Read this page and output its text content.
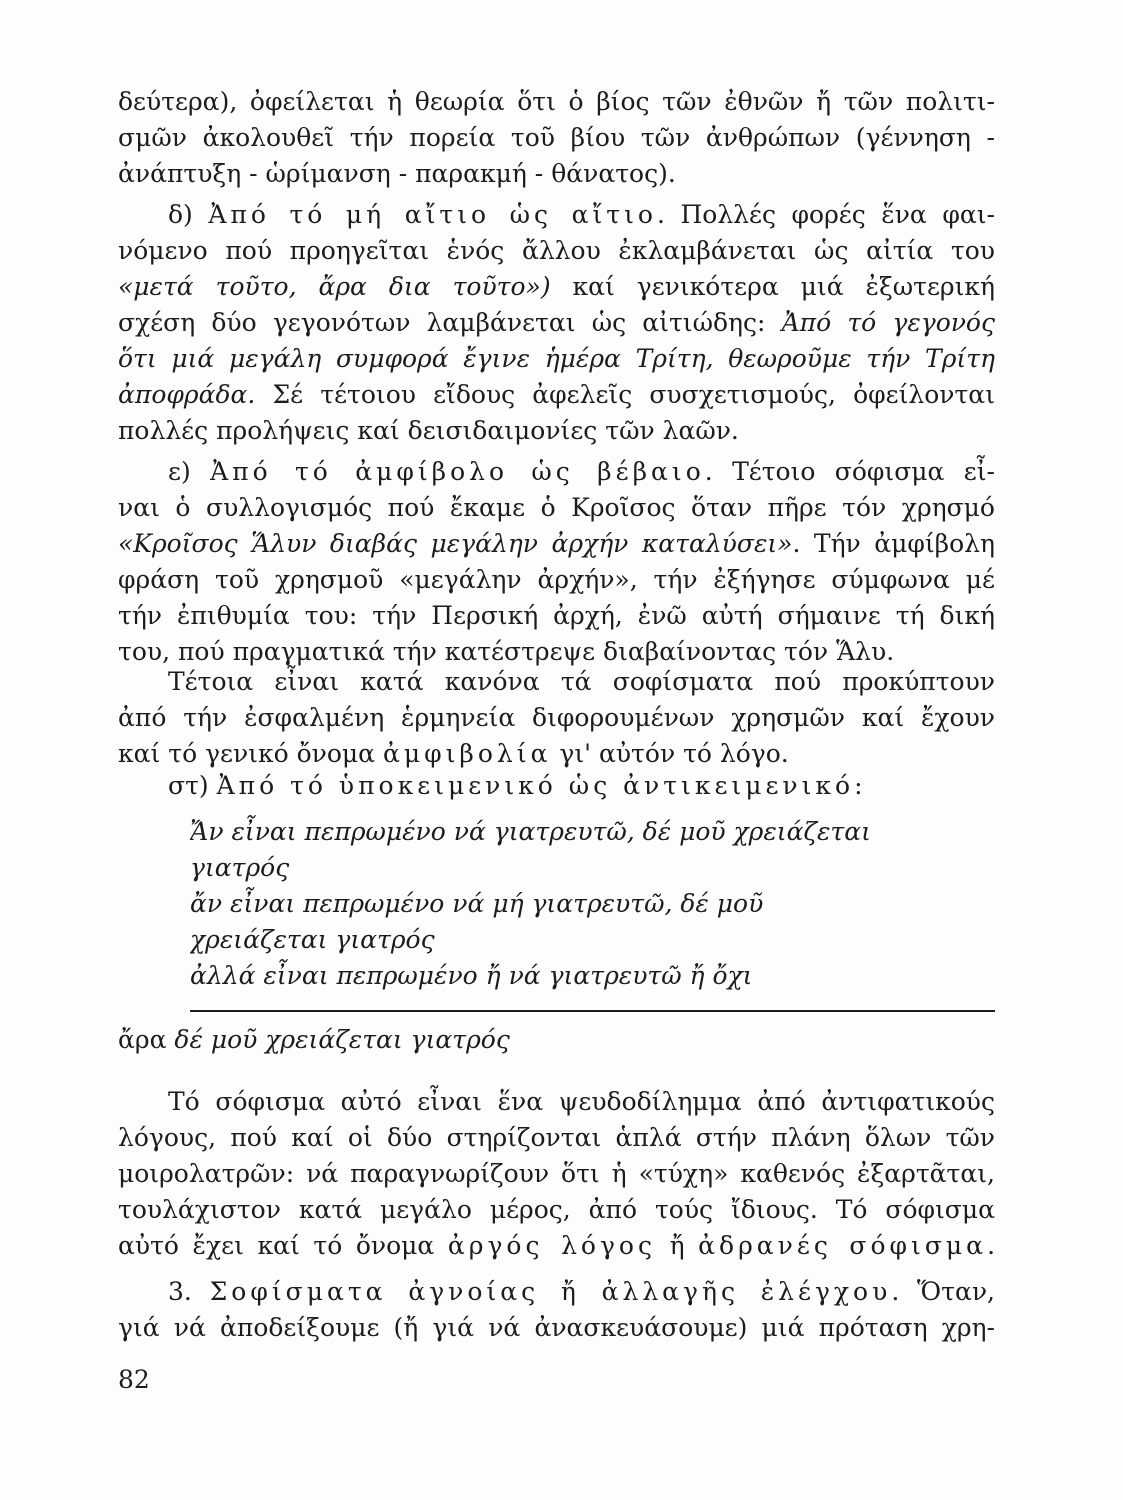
δεύτερα), ὀφείλεται ἡ θεωρία ὅτι ὁ βίος τῶν ἐθνῶν ἤ τῶν πολιτι-
σμῶν ἀκολουθεῖ τήν πορεία τοῦ βίου τῶν ἀνθρώπων (γέννηση -
ἀνάπτυξη - ὡρίμανση - παρακμή - θάνατος).
δ) Ἀπό τό μή αἴτιο ὡς αἴτιο. Πολλές φορές ἕνα φαι-
νόμενο πού προηγεῖται ἑνός ἄλλου ἐκλαμβάνεται ὡς αἰτία του
«μετά τοῦτο, ἄρα δια τοῦτο») καί γενικότερα μιά ἐξωτερική
σχέση δύο γεγονότων λαμβάνεται ὡς αἰτιώδης: Ἀπό τό γεγονός
ὅτι μιά μεγάλη συμφορά ἔγινε ἡμέρα Τρίτη, θεωροῦμε τήν Τρίτη
ἀποφράδα. Σέ τέτοιου εἴδους ἀφελεῖς συσχετισμούς, ὀφείλονται
πολλές προλήψεις καί δεισιδαιμονίες τῶν λαῶν.
ε) Ἀπό τό ἀμφίβολο ὡς βέβαιο. Τέτοιο σόφισμα εἶ-
ναι ὁ συλλογισμός πού ἔκαμε ὁ Κροῖσος ὅταν πῆρε τόν χρησμό
«Κροῖσος Ἅλυν διαβάς μεγάλην ἀρχήν καταλύσει». Τήν ἀμφίβολη
φράση τοῦ χρησμοῦ «μεγάλην ἀρχήν», τήν ἐξήγησε σύμφωνα μέ
τήν ἐπιθυμία του: τήν Περσική ἀρχή, ἐνῶ αὐτή σήμαινε τή δική
του, πού πραγματικά τήν κατέστρεψε διαβαίνοντας τόν Ἅλυ.
Τέτοια εἶναι κατά κανόνα τά σοφίσματα πού προκύπτουν
ἀπό τήν ἐσφαλμένη ἑρμηνεία διφορουμένων χρησμῶν καί ἔχουν
καί τό γενικό ὄνομα ἀμφιβολία γι' αὐτόν τό λόγο.
στ) Ἀπό τό ὑποκειμενικό ὡς ἀντικειμενικό:
Ἄν εἶναι πεπρωμένο νά γιατρευτῶ, δέ μοῦ χρειάζεται
γιατρός
ἄν εἶναι πεπρωμένο νά μή γιατρευτῶ, δέ μοῦ
χρειάζεται γιατρός
ἀλλά εἶναι πεπρωμένο ἤ νά γιατρευτῶ ἤ ὄχι
ἄρα δέ μοῦ χρειάζεται γιατρός
Τό σόφισμα αὐτό εἶναι ἕνα ψευδοδίλημμα ἀπό ἀντιφατικούς
λόγους, πού καί οἱ δύο στηρίζονται ἁπλά στήν πλάνη ὅλων τῶν
μοιρολατρῶν: νά παραγνωρίζουν ὅτι ἡ «τύχη» καθενός ἐξαρτᾶται,
τουλάχιστον κατά μεγάλο μέρος, ἀπό τούς ἴδιους. Τό σόφισμα
αὐτό ἔχει καί τό ὄνομα ἀργός λόγος ἤ ἀδρανές σόφισμα.
3. Σοφίσματα ἀγνοίας ἤ ἀλλαγῆς ἐλέγχου. Ὅταν,
γιά νά ἀποδείξουμε (ἤ γιά νά ἀνασκευάσουμε) μιά πρόταση χρη-
82
